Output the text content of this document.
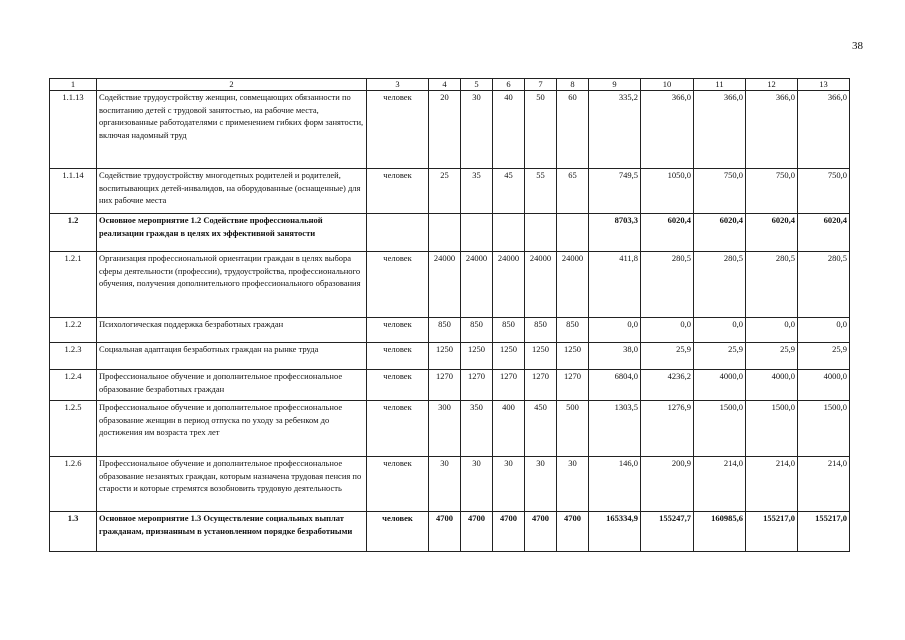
38
1	2	3	4	5	6	7	8	9	10	11	12	13
1.1.13	Содействие трудоустройству женщин, совмещающих обязанности по воспитанию детей с трудовой занятостью, на рабочие места, организованные работодателями с применением гибких форм занятости, включая надомный труд	человек	20	30	40	50	60	335,2	366,0	366,0	366,0	366,0
1.1.14	Содействие трудоустройству многодетных родителей и родителей, воспитывающих детей-инвалидов, на оборудованные (оснащенные) для них рабочие места	человек	25	35	45	55	65	749,5	1050,0	750,0	750,0	750,0
1.2	Основное мероприятие 1.2 Содействие профессиональной реализации граждан в целях их эффективной занятости							8703,3	6020,4	6020,4	6020,4	6020,4
1.2.1	Организация профессиональной ориентации граждан в целях выбора сферы деятельности (профессии), трудоустройства, профессионального обучения, получения дополнительного профессионального образования	человек	24000	24000	24000	24000	24000	411,8	280,5	280,5	280,5	280,5
1.2.2	Психологическая поддержка безработных граждан	человек	850	850	850	850	850	0,0	0,0	0,0	0,0	0,0
1.2.3	Социальная адаптация безработных граждан на рынке труда	человек	1250	1250	1250	1250	1250	38,0	25,9	25,9	25,9	25,9
1.2.4	Профессиональное обучение и дополнительное профессиональное образование безработных граждан	человек	1270	1270	1270	1270	1270	6804,0	4236,2	4000,0	4000,0	4000,0
1.2.5	Профессиональное обучение и дополнительное профессиональное образование женщин в период отпуска по уходу за ребенком до достижения им возраста трех лет	человек	300	350	400	450	500	1303,5	1276,9	1500,0	1500,0	1500,0
1.2.6	Профессиональное обучение и дополнительное профессиональное образование незанятых граждан, которым назначена трудовая пенсия по старости и которые стремятся возобновить трудовую деятельность	человек	30	30	30	30	30	146,0	200,9	214,0	214,0	214,0
1.3	Основное мероприятие 1.3 Осуществление социальных выплат гражданам, признанным в установленном порядке безработными	человек	4700	4700	4700	4700	4700	165334,9	155247,7	160985,6	155217,0	155217,0
